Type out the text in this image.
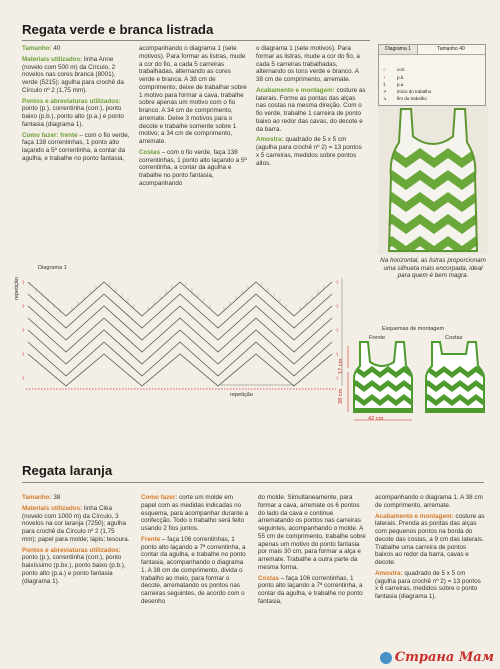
Regata verde e branca listrada

Tamanho: 40

Materiais utilizados: linha Anne (novelo com 500 m) da Círculo, 2 novelos nas cores branca (8001), verde (5215); agulha para crochê da Círculo nº 2 (1,75 mm).

Pontos e abreviaturas utilizados: ponto (p.), correntinha (corr.), ponto baixo (p.b.), ponto alto (p.a.) e ponto fantasia (diagrama 1).

Como fazer: frente – com o fio verde, faça 138 correntinhas, 1 ponto alto laçando a 5ª correntinha, a contar da agulha, e trabalhe no ponto fantasia,

acompanhando o diagrama 1 (sete motivos). Para formar as listras, mude a cor do fio, a cada 5 carreiras trabalhadas, alternando as cores verde e branca. A 38 cm de comprimento, deixe de trabalhar sobre 1 motivo para formar a cava, trabalhe sobre apenas um motivo com o fio branco. A 34 cm de comprimento, arremate. Deixe 3 motivos para o decote e trabalhe somente sobre 1 motivo; a 34 cm de comprimento, arremate.

Costas – com o fio verde, faça 138 correntinhas, 1 ponto alto laçando a 5ª correntinha, a contar da agulha e trabalhe no ponto fantasia, acompanhando

o diagrama 1 (sete motivos). Para formar as listras, mude a cor do fio, a cada 5 carreiras trabalhadas, alternando os tons verde e branco. A 38 cm de comprimento, arremate.

Acabamento e montagem: costure as laterais. Forme as pontas das alças nas costas na mesma direção. Com o fio verde, trabalhe 1 carreira de ponto baixo ao redor das cavas, do decote e da barra.

Amostra: quadrado de 5 x 5 cm (agulha para crochê nº 2) = 13 pontos x 5 carreiras, medidos sobre pontos altos.

Diagrama 1	Tamanho 40
○	corr.
+	p.b.
‡	p.a.
➚ início do trabalho
➘ fim do trabalho
Na horizontal, as listras proporcionam uma silhueta mais encorpada, ideal para quem é bem magra.
Diagrama 1
⌇
⌇
⌇
⌇
⌇
⌇
⌇
⌇
⌇
⌇
repetição
repetição
Esquemas de montagem
Frente	Costas
17 cm
38 cm
42 cm
Regata laranja

Tamanho: 38

Materiais utilizados: linha Cléa (novelo com 1000 m) da Círculo, 3 novelos na cor laranja (7250); agulha para crochê da Círculo nº 2 (1,75 mm); papel para molde; lápis; tesoura.

Pontos e abreviaturas utilizados: ponto (p.), correntinha (corr.), ponto baixíssimo (p.bx.), ponto baixo (p.b.), ponto alto (p.a.) e ponto fantasia (diagrama 1).

Como fazer: corte um molde em papel com as medidas indicadas no esquema, para acompanhar durante a confecção. Todo o trabalho será feito usando 2 fios juntos.

Frente – faça 106 correntinhas, 1 ponto alto laçando a 7ª correntinha, a contar da agulha, e trabalhe no ponto fantasia, acompanhando o diagrama 1. A 38 cm de comprimento, divida o trabalho ao meio, para formar o decote, arrematando os pontos nas carreiras seguintes, de acordo com o desenho

do molde. Simultaneamente, para formar a cava, arremate os 6 pontos do lado da cava e continue arrematando os pontos nas carreiras seguintes, acompanhando o molde. A 55 cm de comprimento, trabalhe sobre apenas um motivo do ponto fantasia por mais 30 cm, para formar a alça e arremate. Trabalhe a outra parte da mesma forma.

Costas – faça 106 correntinhas, 1 ponto alto laçando a 7ª correntinha, a contar da agulha, e trabalhe no ponto fantasia,

acompanhando o diagrama 1. A 38 cm de comprimento, arremate.

Acabamento e montagem: costure as laterais. Prenda as pontas das alças com pequenos pontos na borda do decote das costas, a 9 cm das laterais. Trabalhe uma carreira de pontos baixos ao redor da barra, cavas e decote.

Amostra: quadrado de 5 x 5 cm (agulha para crochê nº 2) = 13 pontos x 6 carreiras, medidos sobre o ponto fantasia (diagrama 1).

Страна Мам
